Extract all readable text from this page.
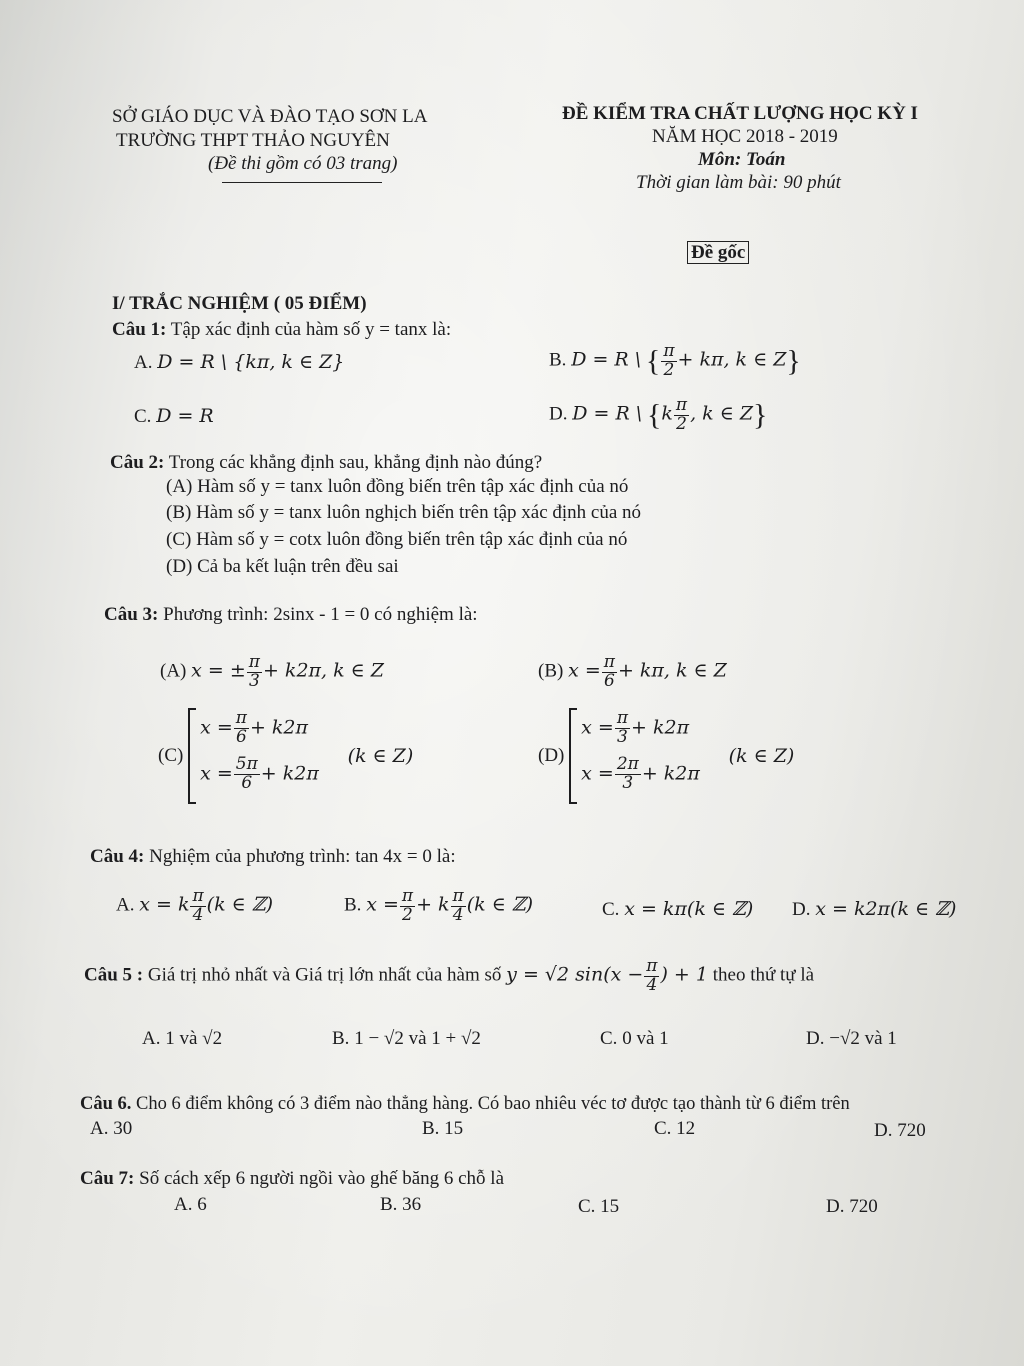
SỞ GIÁO DỤC VÀ ĐÀO TẠO SƠN LA
TRƯỜNG THPT THẢO NGUYÊN
(Đề thi gồm có 03 trang)
ĐỀ KIỂM TRA CHẤT LƯỢNG HỌC KỲ I
NĂM HỌC 2018 - 2019
Môn: Toán
Thời gian làm bài: 90 phút
Đề gốc
I/ TRẮC NGHIỆM ( 05 ĐIỂM)
Câu 1: Tập xác định của hàm số y = tanx là:
A. D = R \ {kπ, k ∈ Z}	B. D = R \ { $\frac{\pi}{2} + k\pi$, k ∈ Z}
C. D = R	D. D = R \ {$k \frac{\pi}{2}$ , k ∈ Z}
Câu 2: Trong các khẳng định sau, khẳng định nào đúng?
(A) Hàm số y = tanx luôn đồng biến trên tập xác định của nó
(B) Hàm số y = tanx luôn nghịch biến trên tập xác định của nó
(C) Hàm số y = cotx luôn đồng biến trên tập xác định của nó
(D) Cả ba kết luận trên đều sai
Câu 3: Phương trình: 2sinx - 1 = 0 có nghiệm là:
(A) x = ± $\frac{\pi}{3} + k2\pi$, k ∈ Z	(B) $x = \frac{\pi}{6} + k\pi$, k ∈ Z
(C)
$x = \frac{\pi}{6} + k2\pi$
$x = \frac{5\pi}{6} + k2\pi$
(k ∈ Z)	(D)
$x = \frac{\pi}{3} + k2\pi$
$x = \frac{2\pi}{3} + k2\pi$
(k ∈ Z)
Câu 4: Nghiệm của phương trình: tan 4x = 0 là:
A. x = k $\frac{\pi}{4} (k$ ∈ ℤ)	B. $x = \frac{\pi}{2} + k \frac{\pi}{4} (k$ ∈ ℤ)	C. x = kπ(k ∈ ℤ) D. x = k2π(k ∈ ℤ)
Câu 5 : Giá trị nhỏ nhất và Giá trị lớn nhất của hàm số y = √2 $\sin(x - \frac{\pi}{4}$ ) + 1 theo thứ tự là
A. 1 và √2	B. 1 − √2 và 1 + √2	C. 0 và 1	D. −√2 và 1
Câu 6. Cho 6 điểm không có 3 điểm nào thẳng hàng. Có bao nhiêu véc tơ được tạo thành từ 6 điểm trên
A. 30	B. 15	C. 12	D. 720
Câu 7: Số cách xếp 6 người ngồi vào ghế băng 6 chỗ là
A. 6	B. 36	C. 15	D. 720
